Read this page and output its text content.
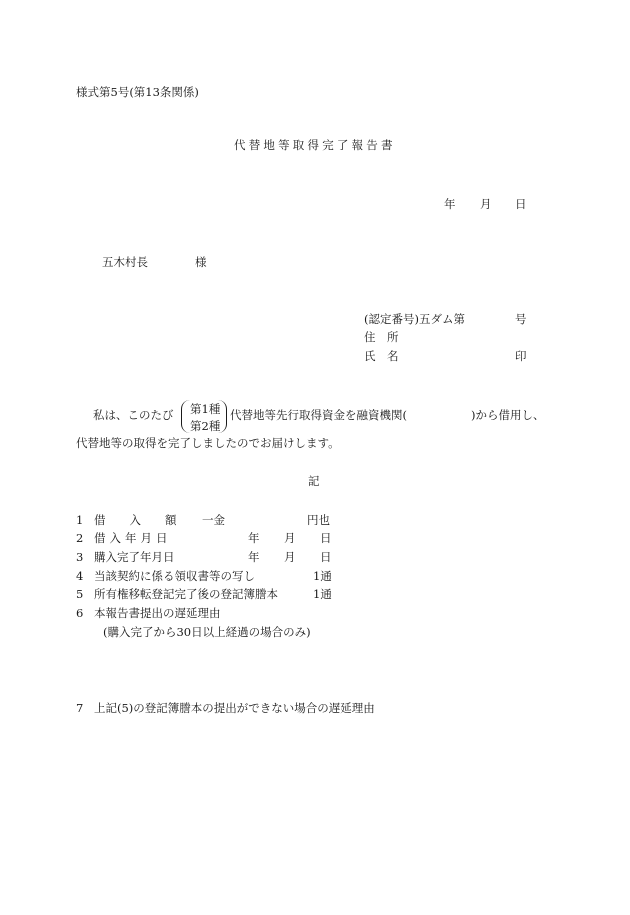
様式第5号(第13条関係)
代替地等取得完了報告書
年 月 日
五木村長	様
(認定番号)五ダム第	号
住　所
氏　名	印
私は、このたび 第1種
第2種
代替地等先行取得資金を融資機関(	)から借用し、
代替地等の取得を完了しましたのでお届けします。
記
1 借入額 一金	円也
2 借入年月日	年 月 日
3 購入完了年月日	年 月 日
4 当該契約に係る領収書等の写し	1通
5 所有権移転登記完了後の登記簿謄本	1通
6 本報告書提出の遅延理由
(購入完了から30日以上経過の場合のみ)
7 上記(5)の登記簿謄本の提出ができない場合の遅延理由
